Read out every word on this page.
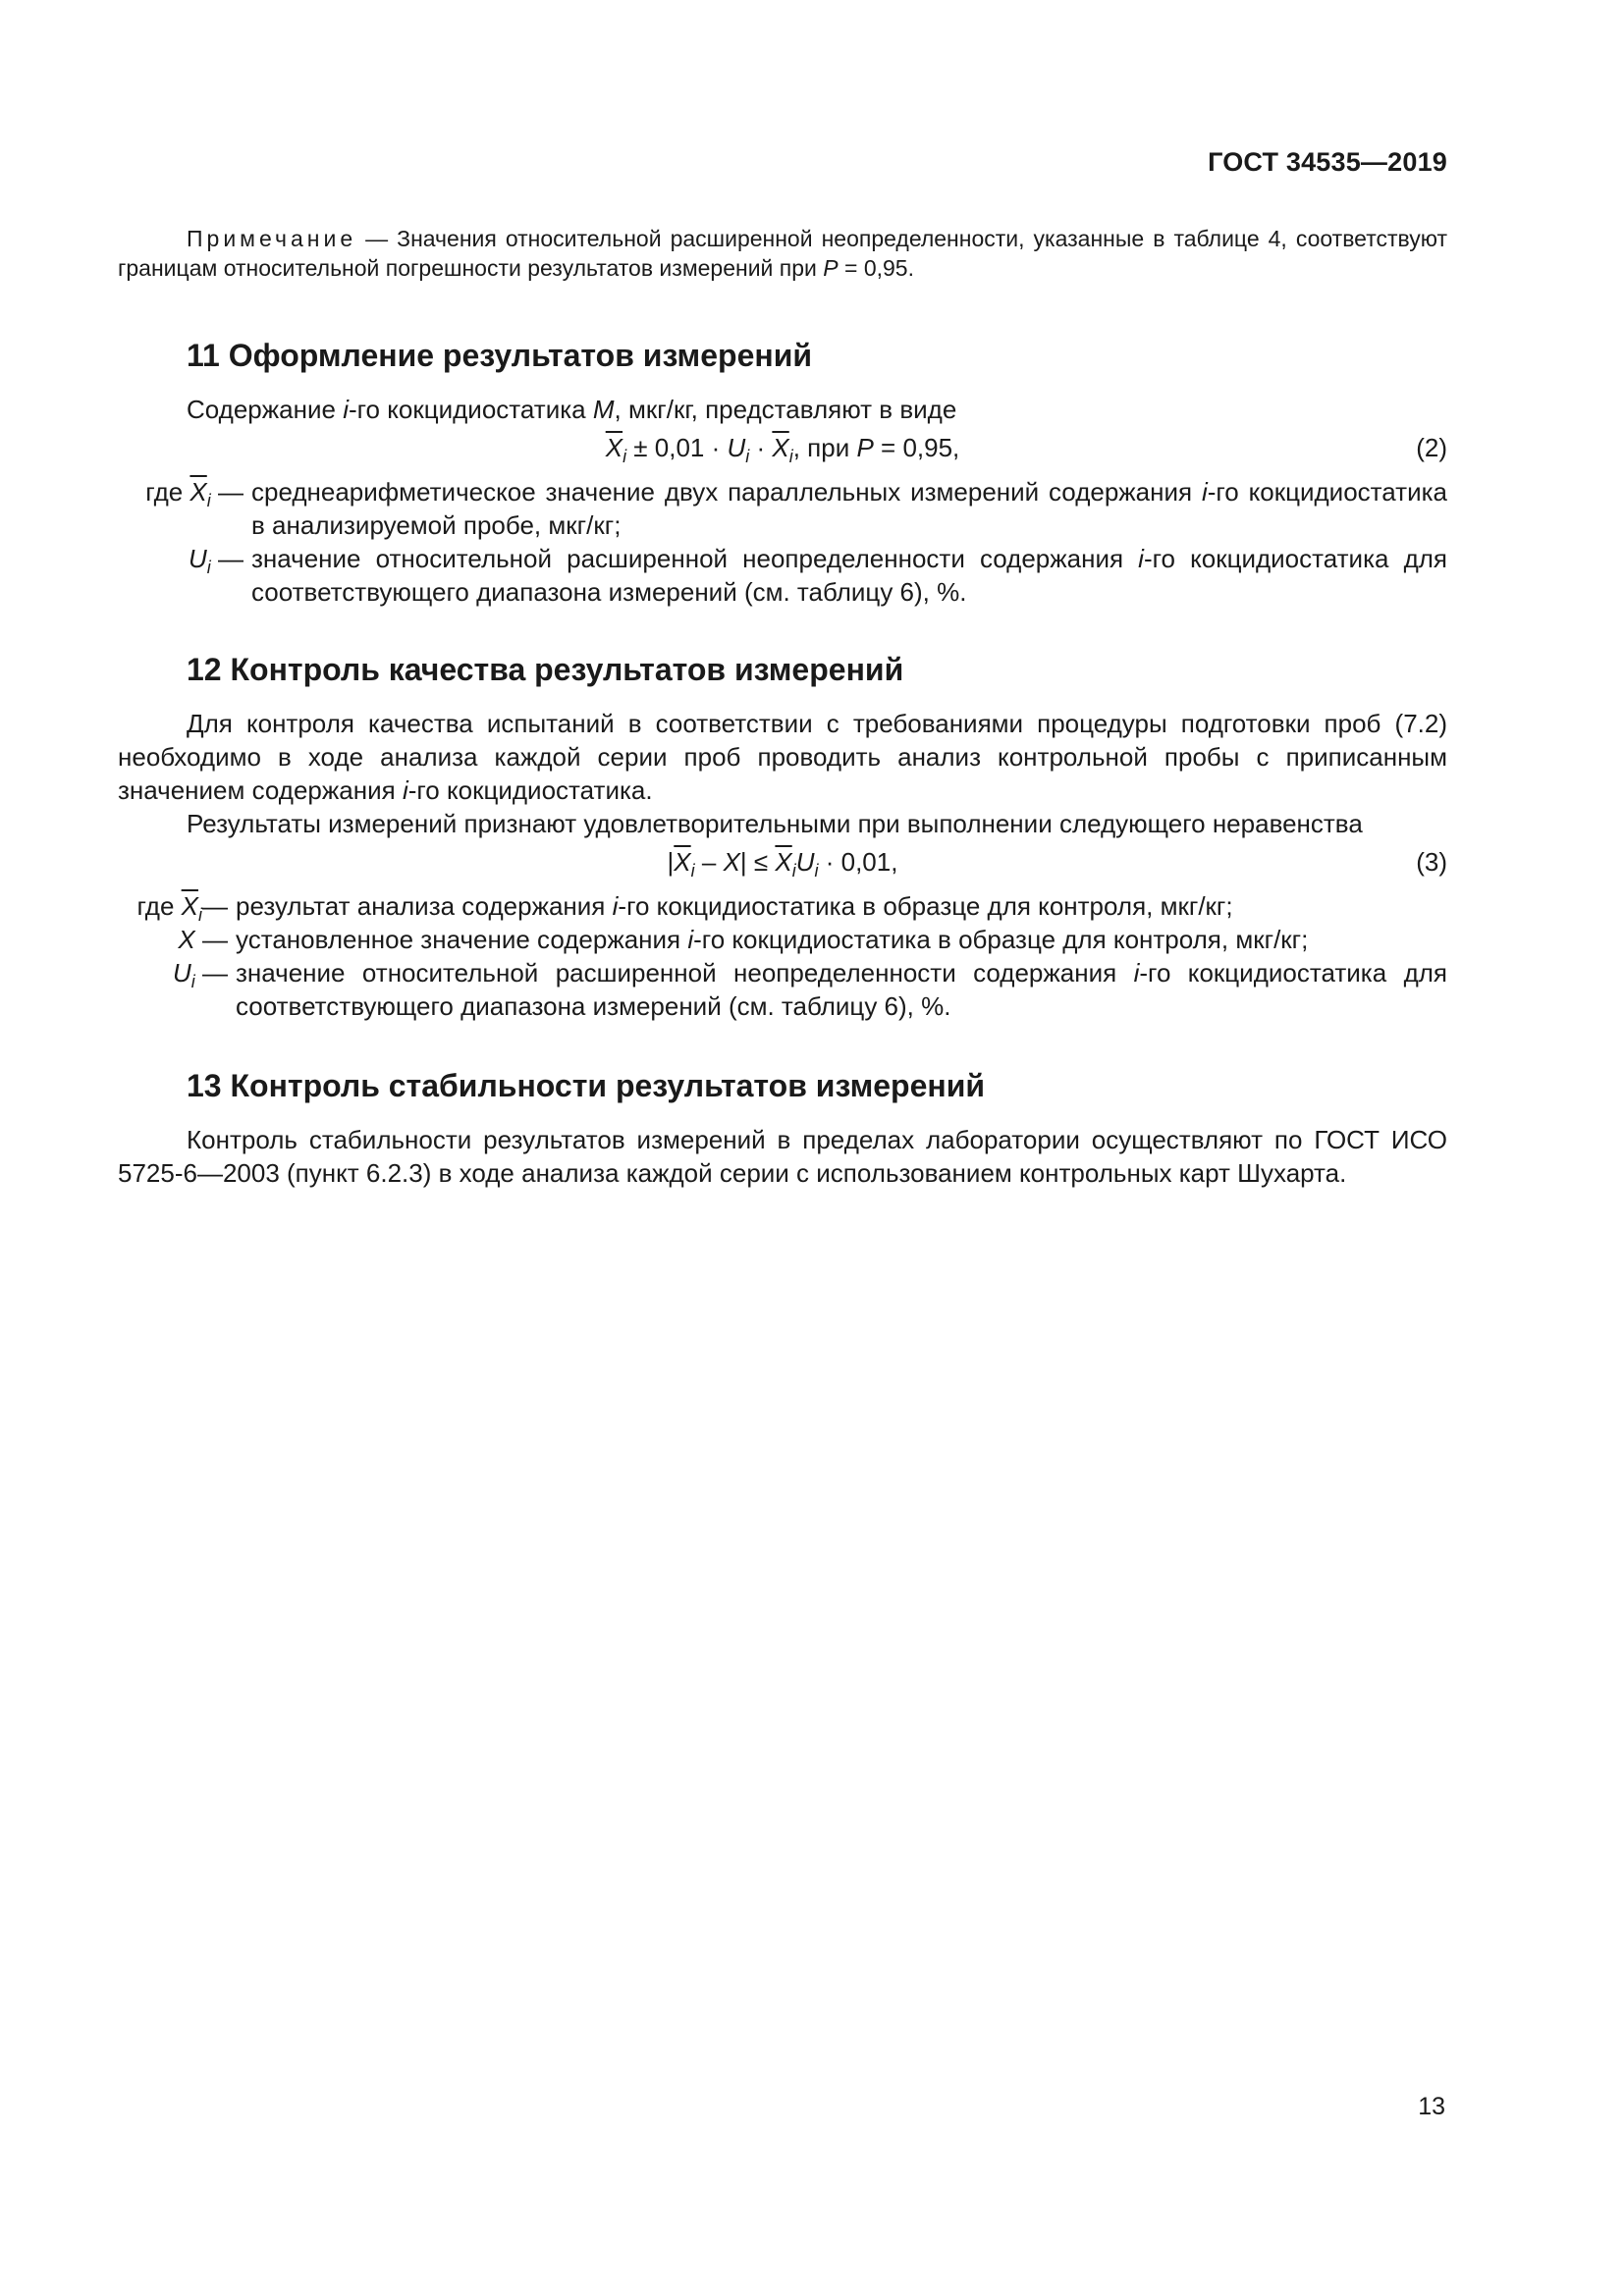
ГОСТ 34535—2019

Примечание — Значения относительной расширенной неопределенности, указанные в таблице 4, соответствуют границам относительной погрешности результатов измерений при P = 0,95.

11 Оформление результатов измерений

Содержание i-го кокцидиостатика M, мкг/кг, представляют в виде

$\overline{X}_i \pm 0,01 \cdot U_i \cdot \overline{X}_i$, при P = 0,95,	(2)
где $\overline{X}_i$ — среднеарифметическое значение двух параллельных измерений содержания i-го кокцидиостатика в анализируемой пробе, мкг/кг;
$U_i$ — значение относительной расширенной неопределенности содержания i-го кокцидиостатика для соответствующего диапазона измерений (см. таблицу 6), %.
12 Контроль качества результатов измерений

Для контроля качества испытаний в соответствии с требованиями процедуры подготовки проб (7.2) необходимо в ходе анализа каждой серии проб проводить анализ контрольной пробы с приписанным значением содержания i-го кокцидиостатика.

Результаты измерений признают удовлетворительными при выполнении следующего неравенства

$|\overline{X}_i - X| \le \overline{X}_iU_i \cdot 0,01$,	(3)
где $\overline{X}_i—$ результат анализа содержания i-го кокцидиостатика в образце для контроля, мкг/кг;
X — установленное значение содержания i-го кокцидиостатика в образце для контроля, мкг/кг;
$U_i$ — значение относительной расширенной неопределенности содержания i-го кокцидиостатика для соответствующего диапазона измерений (см. таблицу 6), %.
13 Контроль стабильности результатов измерений

Контроль стабильности результатов измерений в пределах лаборатории осуществляют по ГОСТ ИСО 5725-6—2003 (пункт 6.2.3) в ходе анализа каждой серии с использованием контрольных карт Шухарта.

13
